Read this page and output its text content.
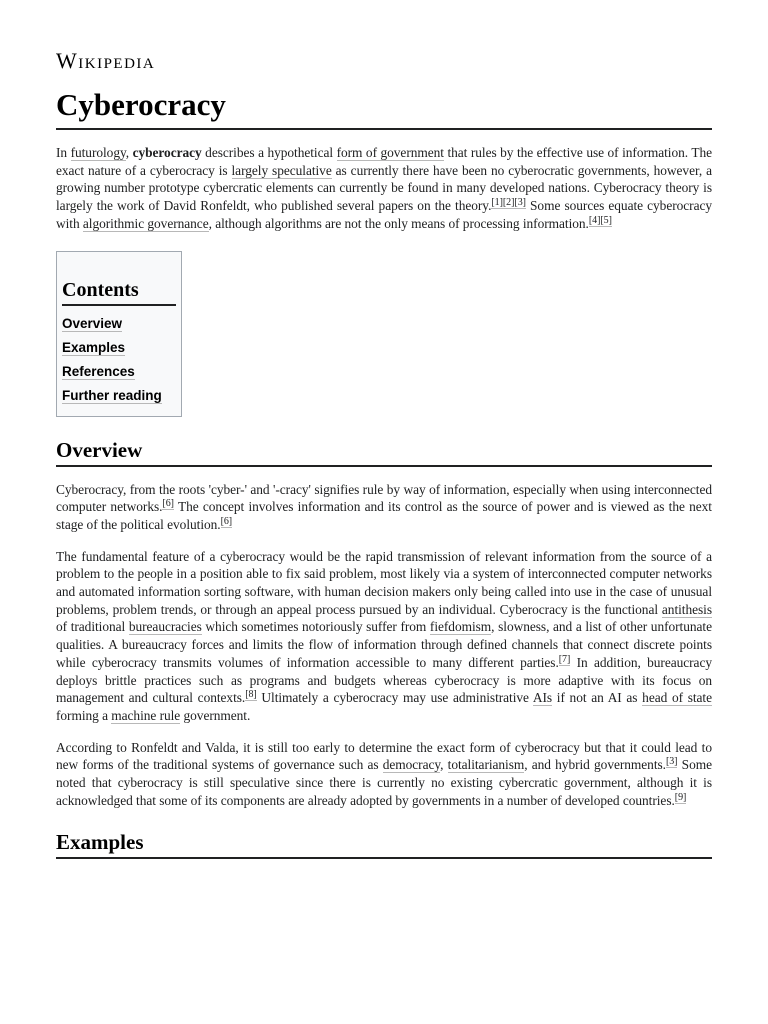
Wikipedia
Cyberocracy

In futurology, cyberocracy describes a hypothetical form of government that rules by the effective use of information. The exact nature of a cyberocracy is largely speculative as currently there have been no cyberocratic governments, however, a growing number prototype cybercratic elements can currently be found in many developed nations. Cyberocracy theory is largely the work of David Ronfeldt, who published several papers on the theory.[1][2][3] Some sources equate cyberocracy with algorithmic governance, although algorithms are not the only means of processing information.[4][5]

Contents
Overview
Examples
References
Further reading
Overview

Cyberocracy, from the roots 'cyber-' and '-cracy' signifies rule by way of information, especially when using interconnected computer networks.[6] The concept involves information and its control as the source of power and is viewed as the next stage of the political evolution.[6]

The fundamental feature of a cyberocracy would be the rapid transmission of relevant information from the source of a problem to the people in a position able to fix said problem, most likely via a system of interconnected computer networks and automated information sorting software, with human decision makers only being called into use in the case of unusual problems, problem trends, or through an appeal process pursued by an individual. Cyberocracy is the functional antithesis of traditional bureaucracies which sometimes notoriously suffer from fiefdomism, slowness, and a list of other unfortunate qualities. A bureaucracy forces and limits the flow of information through defined channels that connect discrete points while cyberocracy transmits volumes of information accessible to many different parties.[7] In addition, bureaucracy deploys brittle practices such as programs and budgets whereas cyberocracy is more adaptive with its focus on management and cultural contexts.[8] Ultimately a cyberocracy may use administrative AIs if not an AI as head of state forming a machine rule government.

According to Ronfeldt and Valda, it is still too early to determine the exact form of cyberocracy but that it could lead to new forms of the traditional systems of governance such as democracy, totalitarianism, and hybrid governments.[3] Some noted that cyberocracy is still speculative since there is currently no existing cybercratic government, although it is acknowledged that some of its components are already adopted by governments in a number of developed countries.[9]

Examples
